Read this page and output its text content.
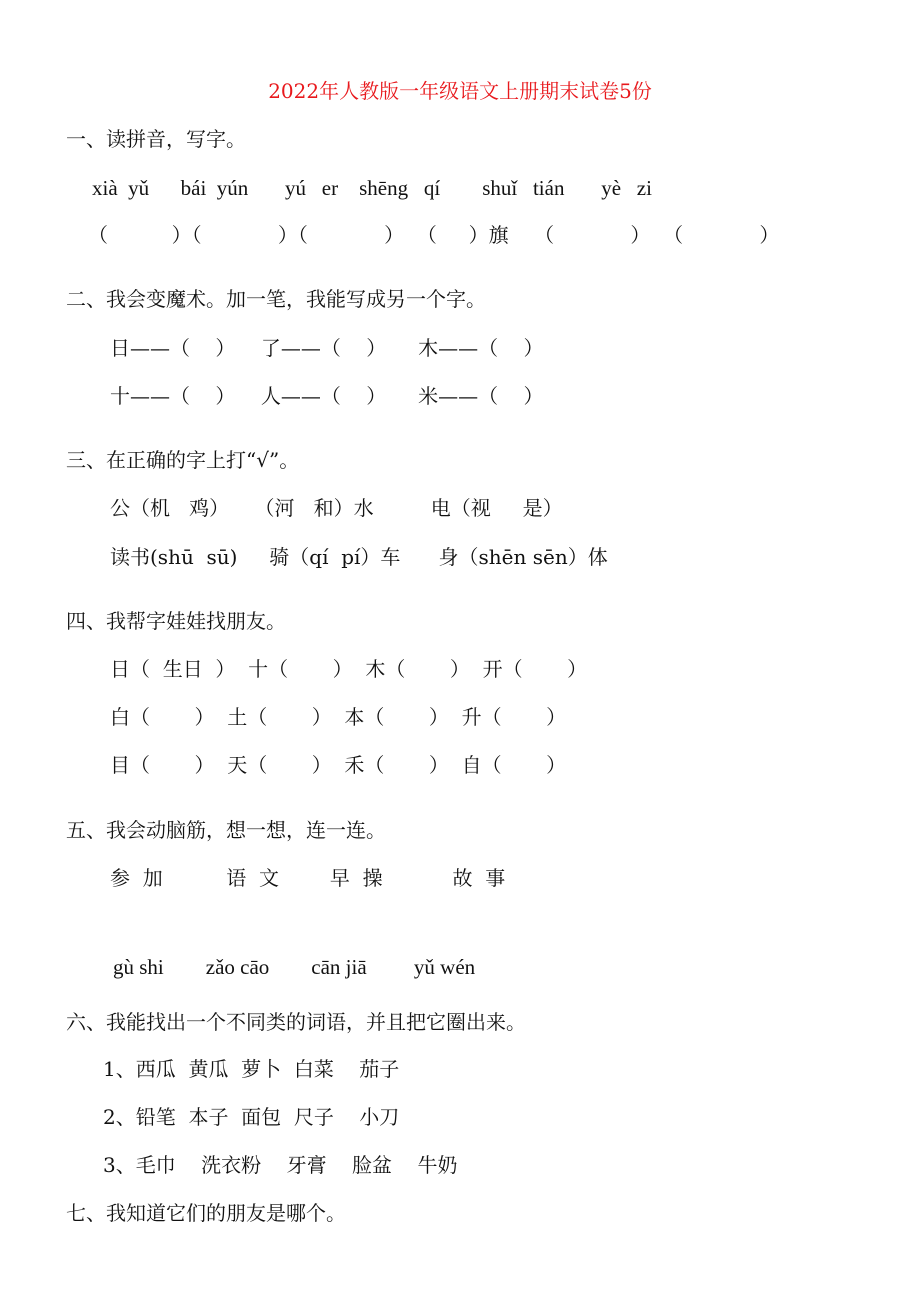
2022年人教版一年级语文上册期末试卷5份
一、读拼音，写字。
xià  yǔ      bái  yún       yú   er    shēng   qí        shuǐ   tián       yè   zi
（          ）（            ）（            ）  （     ）旗    （            ）  （            ）
二、我会变魔术。加一笔，我能写成另一个字。
日——（    ）    了——（    ）     木——（    ）
十——（    ）    人——（    ）     米——（    ）
三、在正确的字上打“√”。
公（机   鸡）    （河   和）水         电（视     是）
读书(shū  sū)     骑（qí  pí）车      身（shēn sēn）体
四、我帮字娃娃找朋友。
日（  生日  ）  十（       ）  木（       ）  开（       ）
白（       ）  土（       ）  本（       ）  升（       ）
目（       ）  天（       ）  禾（       ）  自（       ）
五、我会动脑筋，想一想，连一连。
参  加          语  文        早  操           故  事
gù shi        zǎo cāo        cān jiā         yǔ wén
六、我能找出一个不同类的词语，并且把它圈出来。
1、西瓜  黄瓜  萝卜  白菜    茄子
2、铅笔  本子  面包  尺子    小刀
3、毛巾    洗衣粉    牙膏    脸盆    牛奶
七、我知道它们的朋友是哪个。
